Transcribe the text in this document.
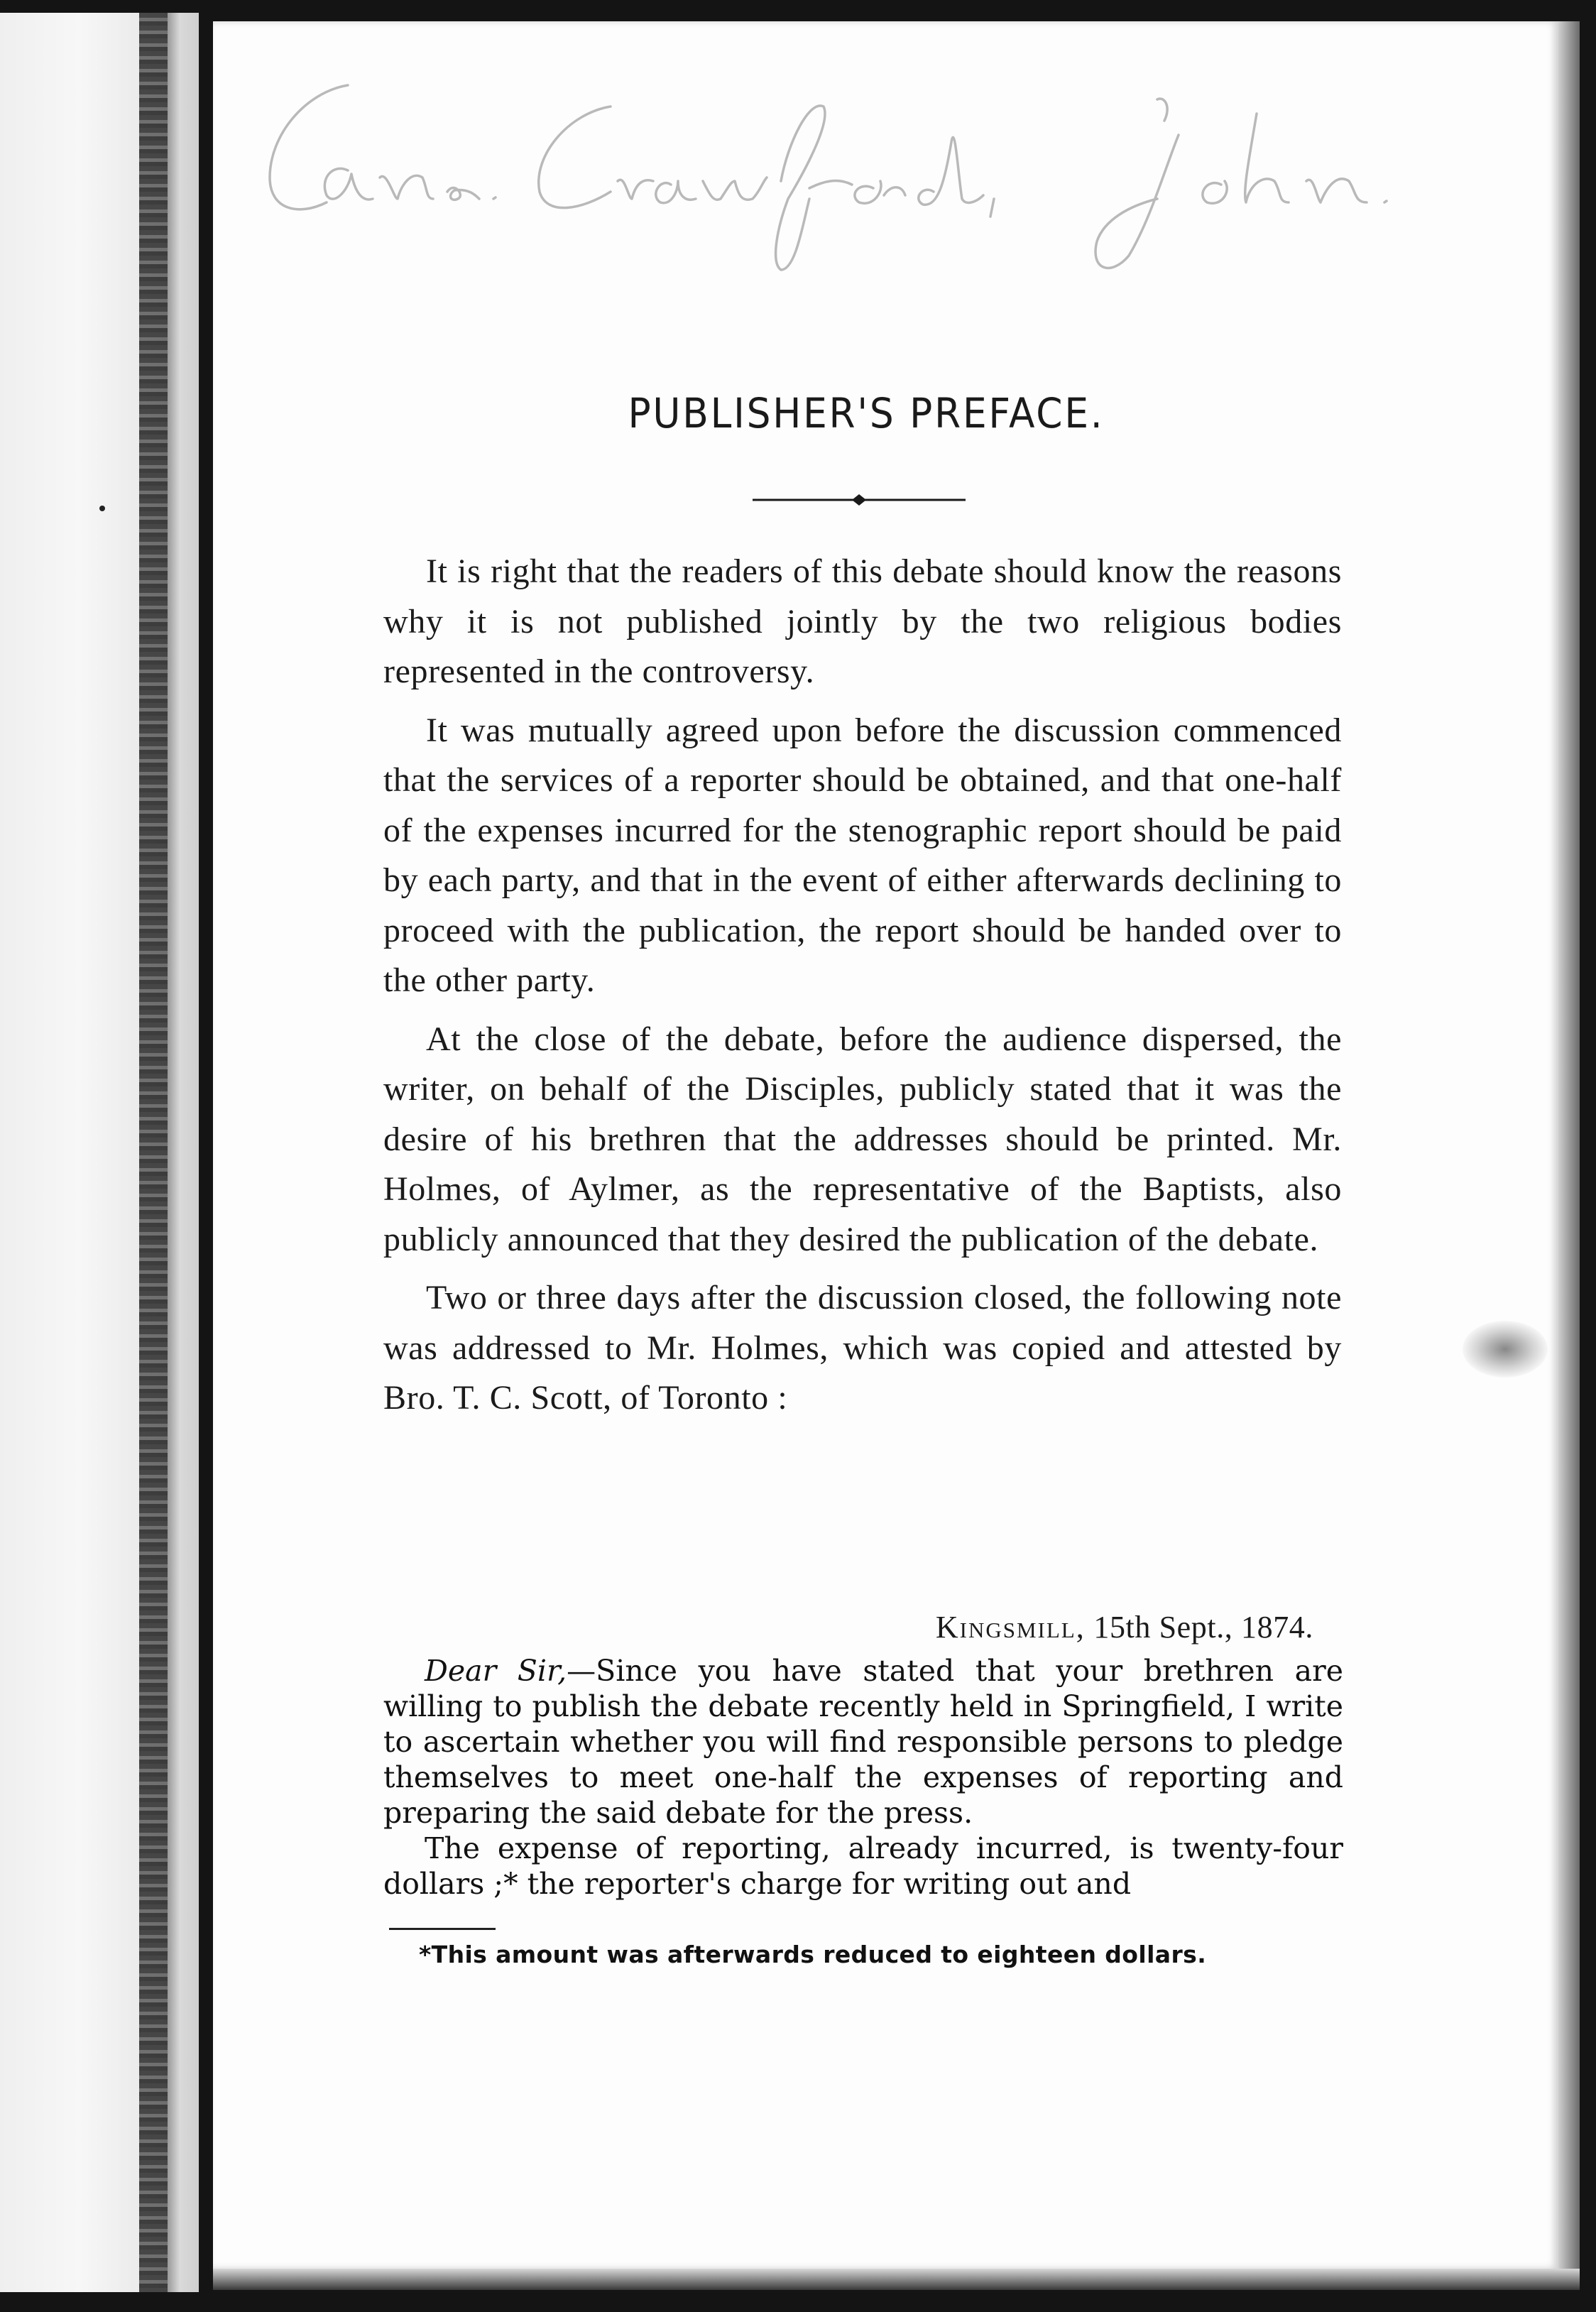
PUBLISHER'S PREFACE.

It is right that the readers of this debate should know the reasons why it is not published jointly by the two religious bodies represented in the controversy.

It was mutually agreed upon before the discussion commenced that the services of a reporter should be obtained, and that one-half of the expenses incurred for the stenographic report should be paid by each party, and that in the event of either afterwards declining to proceed with the publication, the report should be handed over to the other party.

At the close of the debate, before the audience dispersed, the writer, on behalf of the Disciples, publicly stated that it was the desire of his brethren that the addresses should be printed. Mr. Holmes, of Aylmer, as the representative of the Baptists, also publicly announced that they desired the publication of the debate.

Two or three days after the discussion closed, the following note was addressed to Mr. Holmes, which was copied and attested by Bro. T. C. Scott, of Toronto :

Kingsmill, 15th Sept., 1874.

Dear Sir,—Since you have stated that your brethren are willing to publish the debate recently held in Springfield, I write to ascertain whether you will find responsible persons to pledge themselves to meet one-half the expenses of reporting and preparing the said debate for the press.

The expense of reporting, already incurred, is twenty-four dollars ;* the reporter's charge for writing out and

*This amount was afterwards reduced to eighteen dollars.
